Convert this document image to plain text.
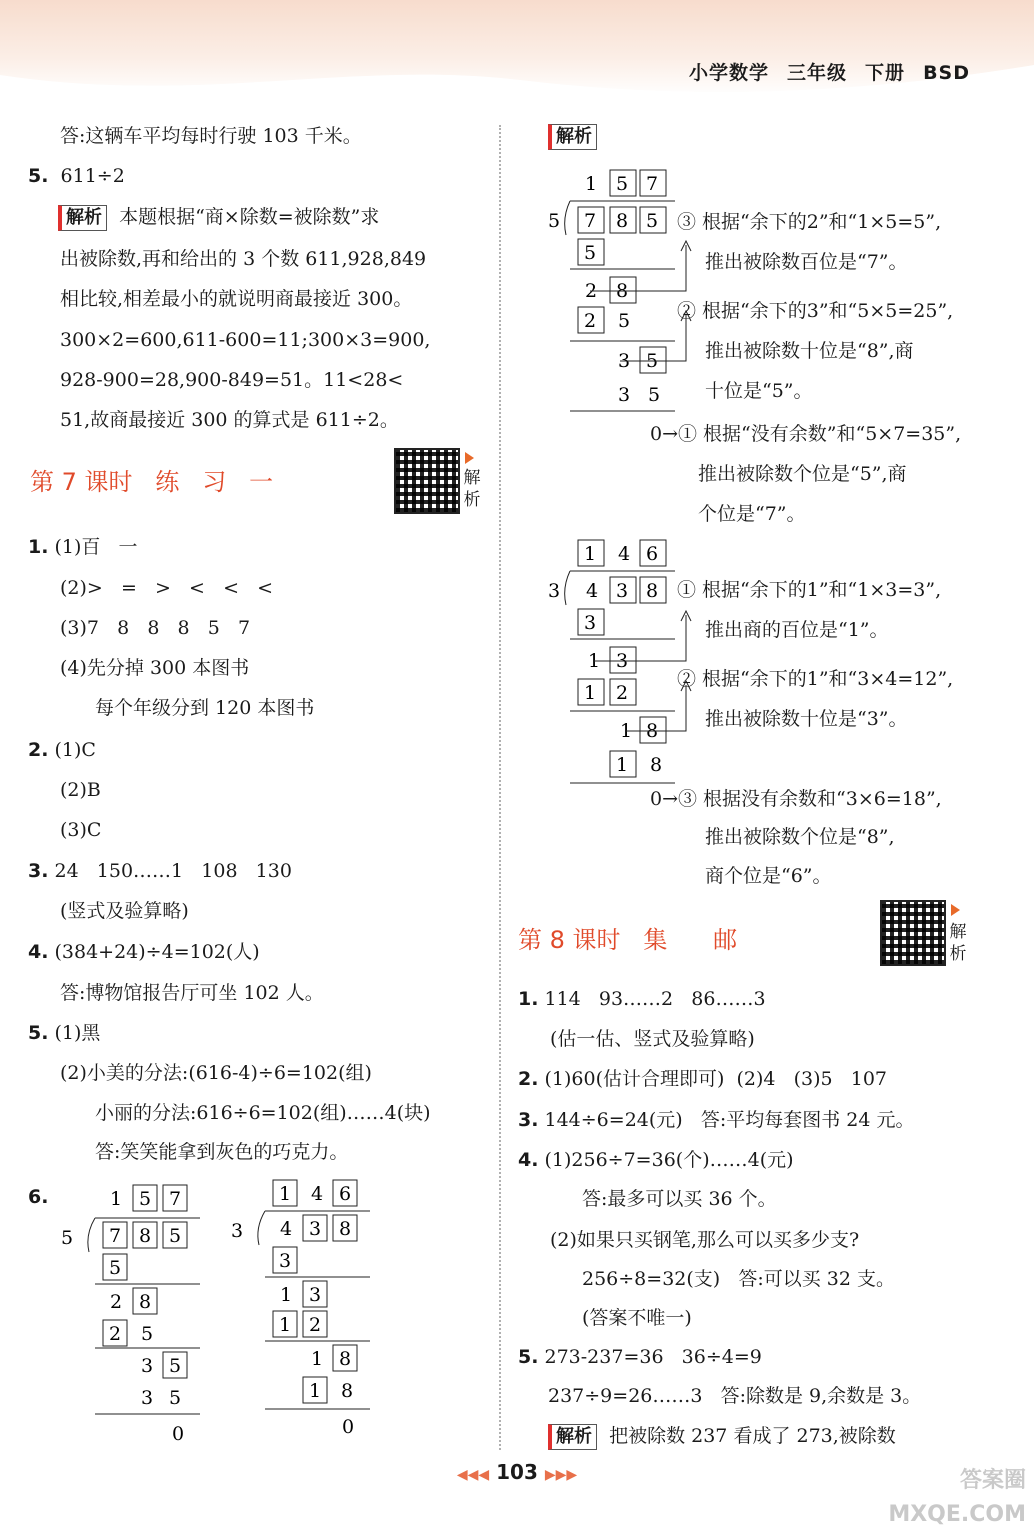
小学数学 三年级 下册 BSD
答:这辆车平均每时行驶 103 千米。
5. 611÷2
解析 本题根据“商×除数=被除数”求
出被除数,再和给出的 3 个数 611,928,849
相比较,相差最小的就说明商最接近 300。
300×2=600,611-600=11;300×3=900,
928-900=28,900-849=51。11<28<
51,故商最接近 300 的算式是 611÷2。
第 7 课时   练   习   一	解
析
1. (1)百   一
(2)>   =   >   <   <   <
(3)7   8   8   8   5   7
(4)先分掉 300 本图书
每个年级分到 120 本图书
2. (1)C
(2)B
(3)C
3. 24   150……1   108   130
(竖式及验算略)
4. (384+24)÷4=102(人)
答:博物馆报告厅可坐 102 人。
5. (1)黑
(2)小美的分法:(616-4)÷6=102(组)
小丽的分法:616÷6=102(组)……4(块)
答:笑笑能拿到灰色的巧克力。
6.	1 5 7
5 7 8 5
5
2 8
2 5
3 5
3 5
0
1 4 6
3 4 3 8
3
1 3
1 2
1 8
1 8
0
解析
1 5 7
5 7 8 5
5
2 8
2 5
3 5
3 5
③ 根据“余下的2”和“1×5=5”,
推出被除数百位是“7”。
② 根据“余下的3”和“5×5=25”,
推出被除数十位是“8”,商
十位是“5”。
0→① 根据“没有余数”和“5×7=35”,
推出被除数个位是“5”,商
个位是“7”。
1 4 6
3 4 3 8
3
1 3
1 2
1 8
1 8
① 根据“余下的1”和“1×3=3”,
推出商的百位是“1”。
② 根据“余下的1”和“3×4=12”,
推出被除数十位是“3”。
0→③ 根据没有余数和“3×6=18”,
推出被除数个位是“8”,
商个位是“6”。
第 8 课时   集      邮	解
析
1. 114   93……2   86……3
(估一估、竖式及验算略)
2. (1)60(估计合理即可)  (2)4   (3)5   107
3. 144÷6=24(元)   答:平均每套图书 24 元。
4. (1)256÷7=36(个)……4(元)
答:最多可以买 36 个。
(2)如果只买钢笔,那么可以买多少支?
256÷8=32(支)   答:可以买 32 支。
(答案不唯一)
5. 273-237=36   36÷4=9
237÷9=26……3   答:除数是 9,余数是 3。
解析 把被除数 237 看成了 273,被除数
◀◀◀ 103 ▶▶▶	答案圈
MXQE.COM
